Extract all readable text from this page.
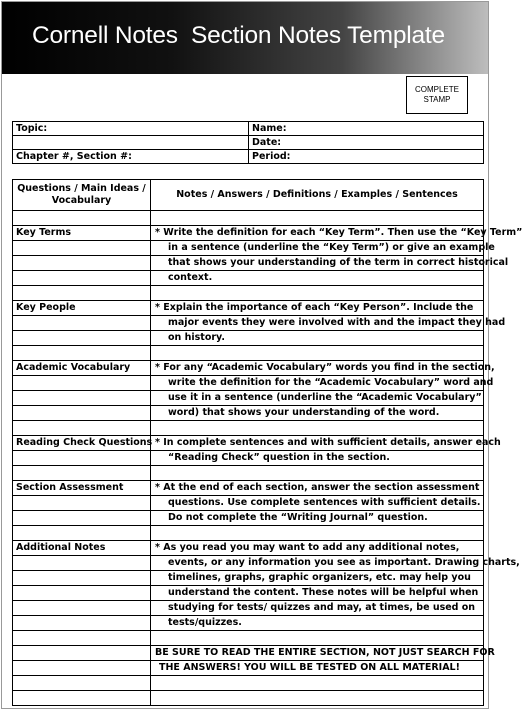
Cornell Notes  Section Notes Template
COMPLETE
STAMP
Topic:	Name:
	Date:
Chapter #, Section #:	Period:
Questions / Main Ideas / Vocabulary	Notes / Answers / Definitions / Examples / Sentences

Key Terms	* Write the definition for each “Key Term”. Then use the “Key Term”
	in a sentence (underline the “Key Term”) or give an example
	that shows your understanding of the term in correct historical
	context.

Key People	* Explain the importance of each “Key Person”. Include the
	major events they were involved with and the impact they had
	on history.

Academic Vocabulary	* For any “Academic Vocabulary” words you find in the section,
	write the definition for the “Academic Vocabulary” word and
	use it in a sentence (underline the “Academic Vocabulary”
	word) that shows your understanding of the word.

Reading Check Questions	* In complete sentences and with sufficient details, answer each
	“Reading Check” question in the section.

Section Assessment	* At the end of each section, answer the section assessment
	questions. Use complete sentences with sufficient details.
	Do not complete the “Writing Journal” question.

Additional Notes	* As you read you may want to add any additional notes,
	events, or any information you see as important. Drawing charts,
	timelines, graphs, graphic organizers, etc. may help you
	understand the content. These notes will be helpful when
	studying for tests/ quizzes and may, at times, be used on
	tests/quizzes.

	BE SURE TO READ THE ENTIRE SECTION, NOT JUST SEARCH FOR
	THE ANSWERS! YOU WILL BE TESTED ON ALL MATERIAL!
